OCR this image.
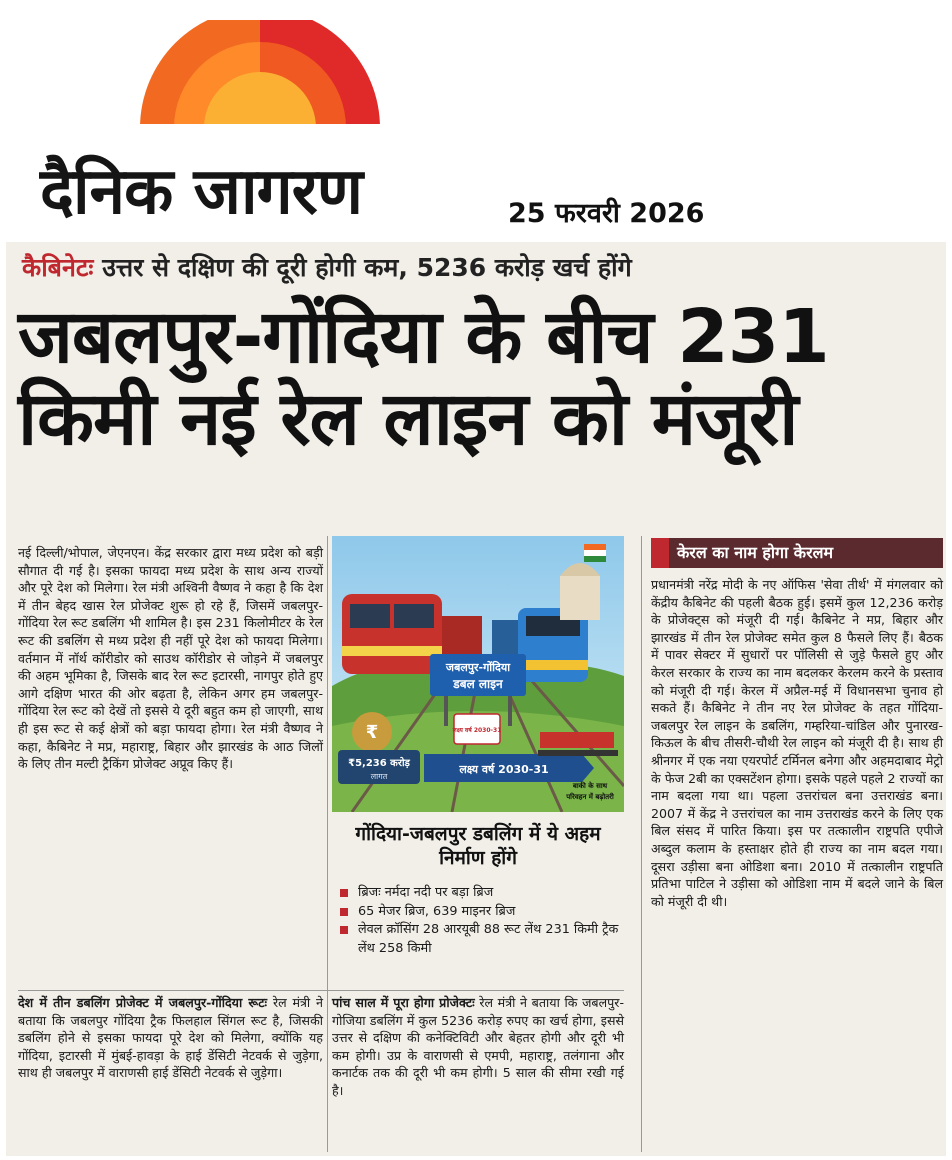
दैनिक जागरण	25 फरवरी 2026
कैबिनेटः उत्तर से दक्षिण की दूरी होगी कम, 5236 करोड़ खर्च होंगे
जबलपुर-गोंदिया के बीच 231
किमी नई रेल लाइन को मंजूरी
नई दिल्ली/भोपाल, जेएनएन। केंद्र सरकार द्वारा मध्य प्रदेश को बड़ी सौगात दी गई है। इसका फायदा मध्य प्रदेश के साथ अन्य राज्यों और पूरे देश को मिलेगा। रेल मंत्री अश्विनी वैष्णव ने कहा है कि देश में तीन बेहद खास रेल प्रोजेक्ट शुरू हो रहे हैं, जिसमें जबलपुर-गोंदिया रेल रूट डबलिंग भी शामिल है। इस 231 किलोमीटर के रेल रूट की डबलिंग से मध्य प्रदेश ही नहीं पूरे देश को फायदा मिलेगा। वर्तमान में नॉर्थ कॉरीडोर को साउथ कॉरीडोर से जोड़ने में जबलपुर की अहम भूमिका है, जिसके बाद रेल रूट इटारसी, नागपुर होते हुए आगे दक्षिण भारत की ओर बढ़ता है, लेकिन अगर हम जबलपुर-गोंदिया रेल रूट को देखें तो इससे ये दूरी बहुत कम हो जाएगी, साथ ही इस रूट से कई क्षेत्रों को बड़ा फायदा होगा। रेल मंत्री वैष्णव ने कहा, कैबिनेट ने मप्र, महाराष्ट्र, बिहार और झारखंड के आठ जिलों के लिए तीन मल्टी ट्रैकिंग प्रोजेक्ट अप्रूव किए हैं।
देश में तीन डबलिंग प्रोजेक्ट में जबलपुर-गोंदिया रूटः रेल मंत्री ने बताया कि जबलपुर गोंदिया ट्रैक फिलहाल सिंगल रूट है, जिसकी डबलिंग होने से इसका फायदा पूरे देश को मिलेगा, क्योंकि यह गोंदिया, इटारसी में मुंबई-हावड़ा के हाई डेंसिटी नेटवर्क से जुड़ेगा, साथ ही जबलपुर में वाराणसी हाई डेंसिटी नेटवर्क से जुड़ेगा।
पांच साल में पूरा होगा प्रोजेक्टः रेल मंत्री ने बताया कि जबलपुर-गोजिया डबलिंग में कुल 5236 करोड़ रुपए का खर्च होगा, इससे उत्तर से दक्षिण की कनेक्टिविटी और बेहतर होगी और दूरी भी कम होगी। उप्र के वाराणसी से एमपी, महाराष्ट्र, तलंगाना और कनार्टक तक की दूरी भी कम होगी। 5 साल की सीमा रखी गई है।
जबलपुर-गोंदिया
डबल लाइन
₹
₹5,236 करोड़
लागत
लक्ष्य वर्ष 2030-31
लक्ष्य वर्ष 2030-31
बाकी के साथ
परिवहन में बढ़ोतरी
गोंदिया-जबलपुर डबलिंग में ये अहम निर्माण होंगे
ब्रिजः नर्मदा नदी पर बड़ा ब्रिज
65 मेजर ब्रिज, 639 माइनर ब्रिज
लेवल क्रॉसिंग 28 आरयूबी 88 रूट लेंथ 231 किमी ट्रैक लेंथ 258 किमी
केरल का नाम होगा केरलम
प्रधानमंत्री नरेंद्र मोदी के नए ऑफिस 'सेवा तीर्थ' में मंगलवार को केंद्रीय कैबिनेट की पहली बैठक हुई। इसमें कुल 12,236 करोड़ के प्रोजेक्ट्स को मंजूरी दी गई। कैबिनेट ने मप्र, बिहार और झारखंड में तीन रेल प्रोजेक्ट समेत कुल 8 फैसले लिए हैं। बैठक में पावर सेक्टर में सुधारों पर पॉलिसी से जुड़े फैसले हुए और केरल सरकार के राज्य का नाम बदलकर केरलम करने के प्रस्ताव को मंजूरी दी गई। केरल में अप्रैल-मई में विधानसभा चुनाव हो सकते हैं। कैबिनेट ने तीन नए रेल प्रोजेक्ट के तहत गोंदिया-जबलपुर रेल लाइन के डबलिंग, गम्हरिया-चांडिल और पुनारख-किऊल के बीच तीसरी-चौथी रेल लाइन को मंजूरी दी है। साथ ही श्रीनगर में एक नया एयरपोर्ट टर्मिनल बनेगा और अहमदाबाद मेट्रो के फेज 2बी का एक्सटेंशन होगा। इसके पहले पहले 2 राज्यों का नाम बदला गया था। पहला उत्तरांचल बना उत्तराखंड बना। 2007 में केंद्र ने उत्तरांचल का नाम उत्तराखंड करने के लिए एक बिल संसद में पारित किया। इस पर तत्कालीन राष्ट्रपति एपीजे अब्दुल कलाम के हस्ताक्षर होते ही राज्य का नाम बदल गया। दूसरा उड़ीसा बना ओडिशा बना। 2010 में तत्कालीन राष्ट्रपति प्रतिभा पाटिल ने उड़ीसा को ओडिशा नाम में बदले जाने के बिल को मंजूरी दी थी।
